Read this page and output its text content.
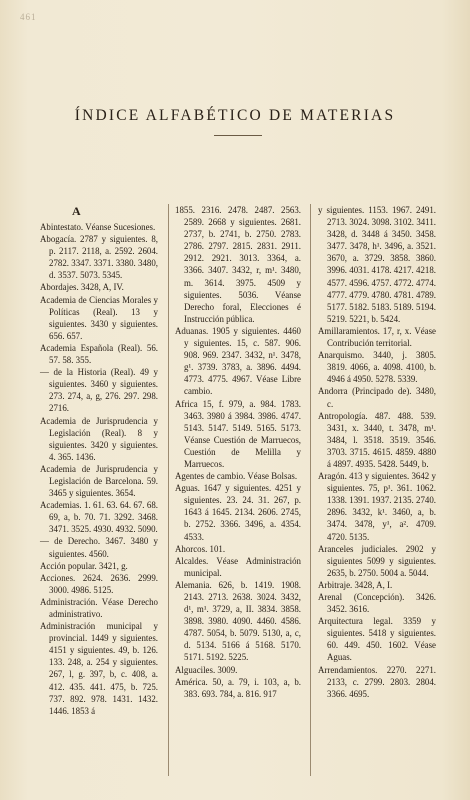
461
ÍNDICE ALFABÉTICO DE MATERIAS
A

Abintestato. Véanse Sucesiones.

Abogacía. 2787 y siguientes. 8, p. 2117. 2118, a. 2592. 2604. 2782. 3347. 3371. 3380. 3480, d. 3537. 5073. 5345.

Abordajes. 3428, A, IV.

Academia de Ciencias Morales y Políticas (Real). 13 y siguientes. 3430 y siguientes. 656. 657.

Academia Española (Real). 56. 57. 58. 355.

— de la Historia (Real). 49 y siguientes. 3460 y siguientes. 273. 274, a, g, 276. 297. 298. 2716.

Academia de Jurisprudencia y Legislación (Real). 8 y siguientes. 3420 y siguientes. 4. 365. 1436.

Academia de Jurisprudencia y Legislación de Barcelona. 59. 3465 y siguientes. 3654.

Academias. 1. 61. 63. 64. 67. 68. 69, a, b. 70. 71. 3292. 3468. 3471. 3525. 4930. 4932. 5090.

— de Derecho. 3467. 3480 y siguientes. 4560.

Acción popular. 3421, g.

Acciones. 2624. 2636. 2999. 3000. 4986. 5125.

Administración. Véase Derecho administrativo.

Administración municipal y provincial. 1449 y siguientes. 4151 y siguientes. 49, b. 126. 133. 248, a. 254 y siguientes. 267, l, g. 397, b, c. 408, a. 412. 435. 441. 475, b. 725. 737. 892. 978. 1431. 1432. 1446. 1853 á

1855. 2316. 2478. 2487. 2563. 2589. 2668 y siguientes. 2681. 2737, b. 2741, b. 2750. 2783. 2786. 2797. 2815. 2831. 2911. 2912. 2921. 3013. 3364, a. 3366. 3407. 3432, r, m¹. 3480, m. 3614. 3975. 4509 y siguientes. 5036. Véanse Derecho foral, Elecciones é Instrucción pública.

Aduanas. 1905 y siguientes. 4460 y siguientes. 15, c. 587. 906. 908. 969. 2347. 3432, n¹. 3478, g¹. 3739. 3783, a. 3896. 4494. 4773. 4775. 4967. Véase Libre cambio.

Africa 15, f. 979, a. 984. 1783. 3463. 3980 á 3984. 3986. 4747. 5143. 5147. 5149. 5165. 5173. Véanse Cuestión de Marruecos, Cuestión de Melilla y Marruecos.

Agentes de cambio. Véase Bolsas.

Aguas. 1647 y siguientes. 4251 y siguientes. 23. 24. 31. 267, p. 1643 á 1645. 2134. 2606. 2745, b. 2752. 3366. 3496, a. 4354. 4533.

Ahorcos. 101.

Alcaldes. Véase Administración municipal.

Alemania. 626, b. 1419. 1908. 2143. 2713. 2638. 3024. 3432, d¹, m¹. 3729, a, II. 3834. 3858. 3898. 3980. 4090. 4460. 4586. 4787. 5054, b. 5079. 5130, a, c, d. 5134. 5166 á 5168. 5170. 5171. 5192. 5225.

Alguaciles. 3009.

América. 50, a. 79, i. 103, a, b. 383. 693. 784, a. 816. 917

y siguientes. 1153. 1967. 2491. 2713. 3024. 3098. 3102. 3411. 3428, d. 3448 á 3450. 3458. 3477. 3478, h¹. 3496, a. 3521. 3670, a. 3729. 3858. 3860. 3996. 4031. 4178. 4217. 4218. 4577. 4596. 4757. 4772. 4774. 4777. 4779. 4780. 4781. 4789. 5177. 5182. 5183. 5189. 5194. 5219. 5221, b. 5424.

Amillaramientos. 17, r, x. Véase Contribución territorial.

Anarquismo. 3440, j. 3805. 3819. 4066, a. 4098. 4100, b. 4946 á 4950. 5278. 5339.

Andorra (Principado de). 3480, c.

Antropología. 487. 488. 539. 3431, x. 3440, t. 3478, m¹. 3484, l. 3518. 3519. 3546. 3703. 3715. 4615. 4859. 4880 á 4897. 4935. 5428. 5449, b.

Aragón. 413 y siguientes. 3642 y siguientes. 75, p¹. 361. 1062. 1338. 1391. 1937. 2135. 2740. 2896. 3432, k¹. 3460, a, b. 3474. 3478, y¹, a². 4709. 4720. 5135.

Aranceles judiciales. 2902 y siguientes 5099 y siguientes. 2635, b. 2750. 5004 a. 5044.

Arbitraje. 3428, A, I.

Arenal (Concepción). 3426. 3452. 3616.

Arquitectura legal. 3359 y siguientes. 5418 y siguientes. 60. 449. 450. 1602. Véase Aguas.

Arrendamientos. 2270. 2271. 2133, c. 2799. 2803. 2804. 3366. 4695.
